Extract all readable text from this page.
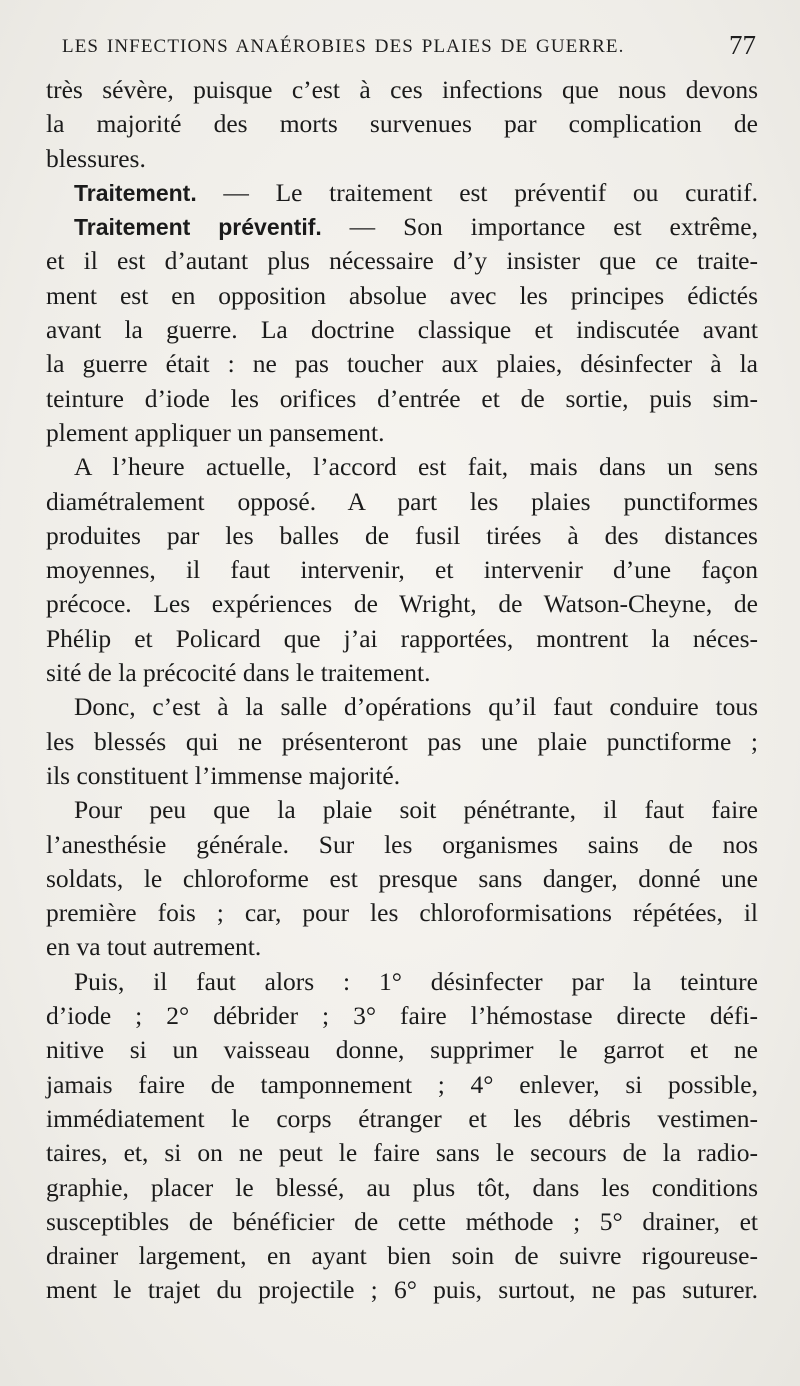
LES INFECTIONS ANAÉROBIES DES PLAIES DE GUERRE.	77
très sévère, puisque c’est à ces infections que nous devons
la majorité des morts survenues par complication de
blessures.
Traitement. — Le traitement est préventif ou curatif.
Traitement préventif. — Son importance est extrême,
et il est d’autant plus nécessaire d’y insister que ce traite-
ment est en opposition absolue avec les principes édictés
avant la guerre. La doctrine classique et indiscutée avant
la guerre était : ne pas toucher aux plaies, désinfecter à la
teinture d’iode les orifices d’entrée et de sortie, puis sim-
plement appliquer un pansement.
A l’heure actuelle, l’accord est fait, mais dans un sens
diamétralement opposé. A part les plaies punctiformes
produites par les balles de fusil tirées à des distances
moyennes, il faut intervenir, et intervenir d’une façon
précoce. Les expériences de Wright, de Watson-Cheyne, de
Phélip et Policard que j’ai rapportées, montrent la néces-
sité de la précocité dans le traitement.
Donc, c’est à la salle d’opérations qu’il faut conduire tous
les blessés qui ne présenteront pas une plaie punctiforme ;
ils constituent l’immense majorité.
Pour peu que la plaie soit pénétrante, il faut faire
l’anesthésie générale. Sur les organismes sains de nos
soldats, le chloroforme est presque sans danger, donné une
première fois ; car, pour les chloroformisations répétées, il
en va tout autrement.
Puis, il faut alors : 1° désinfecter par la teinture
d’iode ; 2° débrider ; 3° faire l’hémostase directe défi-
nitive si un vaisseau donne, supprimer le garrot et ne
jamais faire de tamponnement ; 4° enlever, si possible,
immédiatement le corps étranger et les débris vestimen-
taires, et, si on ne peut le faire sans le secours de la radio-
graphie, placer le blessé, au plus tôt, dans les conditions
susceptibles de bénéficier de cette méthode ; 5° drainer, et
drainer largement, en ayant bien soin de suivre rigoureuse-
ment le trajet du projectile ; 6° puis, surtout, ne pas suturer.
